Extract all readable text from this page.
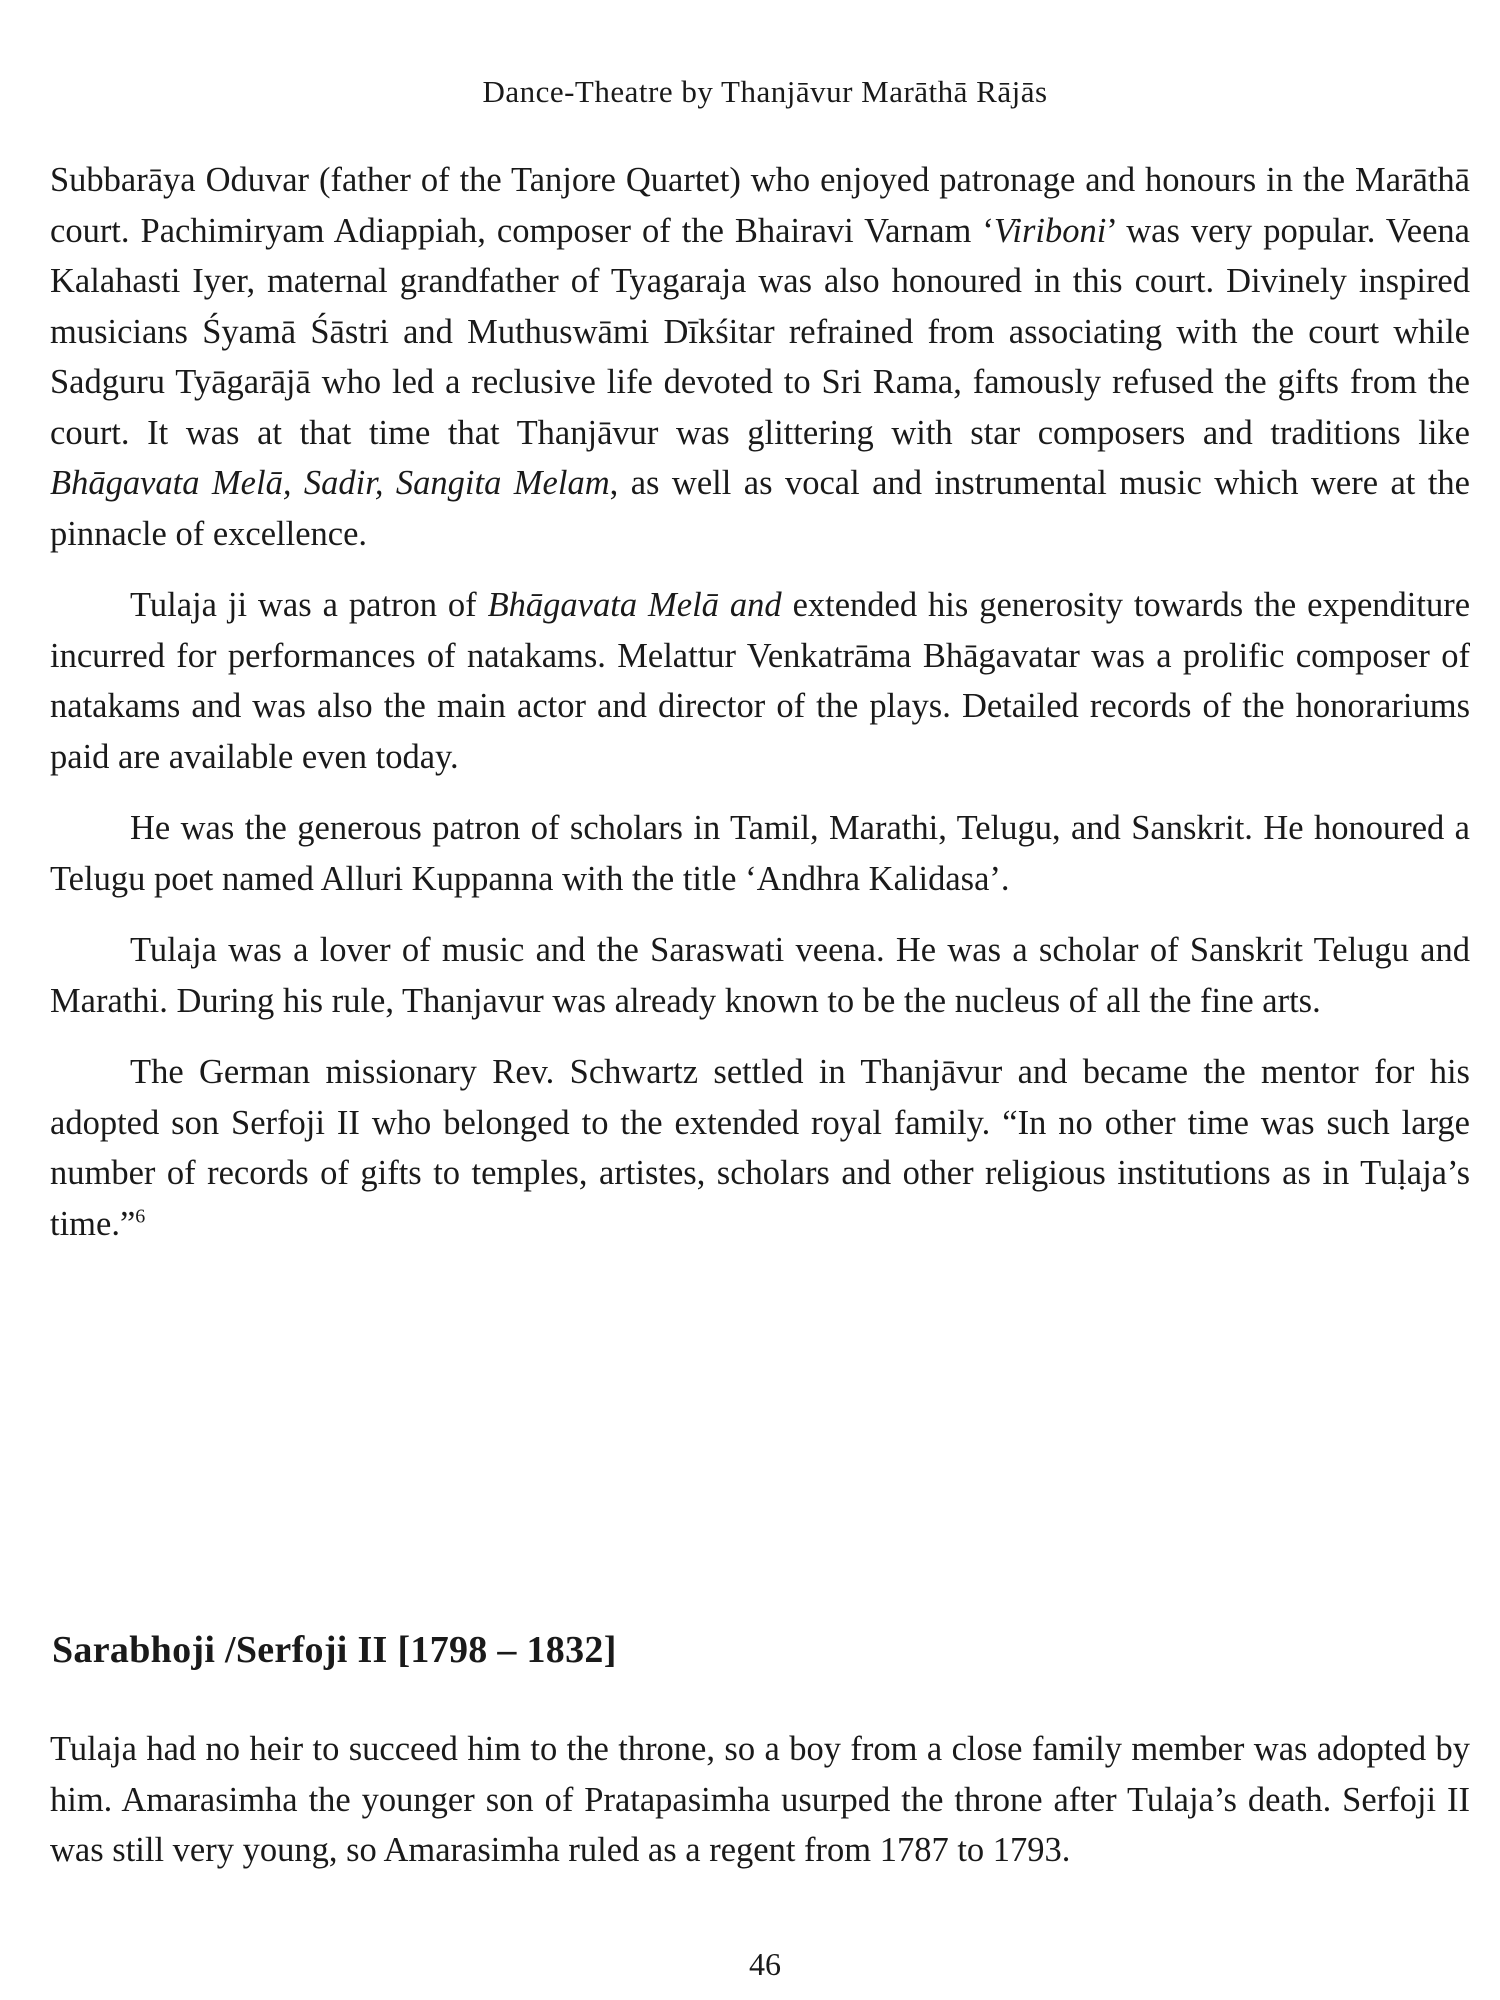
Dance-Theatre by Thanjāvur Marāthā Rājās

Subbarāya Oduvar (father of the Tanjore Quartet) who enjoyed patronage and honours in the Marāthā court. Pachimiryam Adiappiah, composer of the Bhairavi Varnam ‘Viriboni’ was very popular. Veena Kalahasti Iyer, maternal grandfather of Tyagaraja was also honoured in this court. Divinely inspired musicians Śyamā Śāstri and Muthuswāmi Dīkśitar refrained from associating with the court while Sadguru Tyāgarājā who led a reclusive life devoted to Sri Rama, famously refused the gifts from the court. It was at that time that Thanjāvur was glittering with star composers and traditions like Bhāgavata Melā, Sadir, Sangita Melam, as well as vocal and instrumental music which were at the pinnacle of excellence.

Tulaja ji was a patron of Bhāgavata Melā and extended his generosity towards the expenditure incurred for performances of natakams. Melattur Venkatrāma Bhāgavatar was a prolific composer of natakams and was also the main actor and director of the plays. Detailed records of the honorariums paid are available even today.

He was the generous patron of scholars in Tamil, Marathi, Telugu, and Sanskrit. He honoured a Telugu poet named Alluri Kuppanna with the title ‘Andhra Kalidasa’.

Tulaja was a lover of music and the Saraswati veena. He was a scholar of Sanskrit Telugu and Marathi. During his rule, Thanjavur was already known to be the nucleus of all the fine arts.

The German missionary Rev. Schwartz settled in Thanjāvur and became the mentor for his adopted son Serfoji II who belonged to the extended royal family. “In no other time was such large number of records of gifts to temples, artistes, scholars and other religious institutions as in Tuḷaja’s time.”$^6$

Sarabhoji /Serfoji II [1798 – 1832]

Tulaja had no heir to succeed him to the throne, so a boy from a close family member was adopted by him. Amarasimha the younger son of Pratapasimha usurped the throne after Tulaja’s death. Serfoji II was still very young, so Amarasimha ruled as a regent from 1787 to 1793.

46
